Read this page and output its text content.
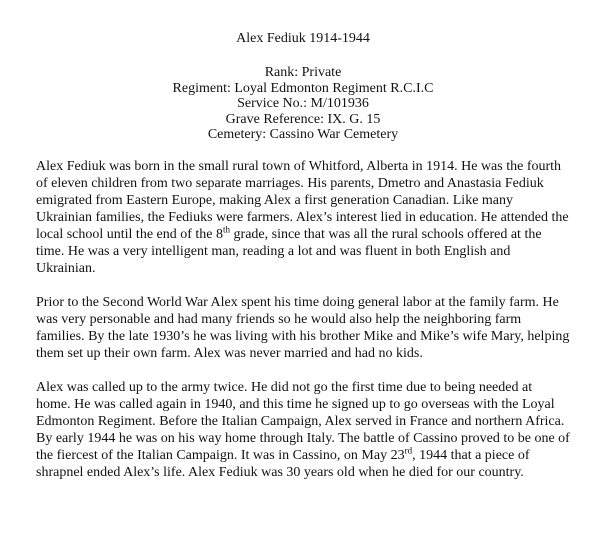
Alex Fediuk 1914-1944
Rank: Private
Regiment: Loyal Edmonton Regiment R.C.I.C
Service No.: M/101936
Grave Reference: IX. G. 15
Cemetery: Cassino War Cemetery

Alex Fediuk was born in the small rural town of Whitford, Alberta in 1914. He was the fourth of eleven children from two separate marriages. His parents, Dmetro and Anastasia Fediuk emigrated from Eastern Europe, making Alex a first generation Canadian. Like many Ukrainian families, the Fediuks were farmers. Alex’s interest lied in education. He attended the local school until the end of the 8th grade, since that was all the rural schools offered at the time. He was a very intelligent man, reading a lot and was fluent in both English and Ukrainian.

Prior to the Second World War Alex spent his time doing general labor at the family farm. He was very personable and had many friends so he would also help the neighboring farm families. By the late 1930’s he was living with his brother Mike and Mike’s wife Mary, helping them set up their own farm. Alex was never married and had no kids.

Alex was called up to the army twice. He did not go the first time due to being needed at home. He was called again in 1940, and this time he signed up to go overseas with the Loyal Edmonton Regiment. Before the Italian Campaign, Alex served in France and northern Africa. By early 1944 he was on his way home through Italy. The battle of Cassino proved to be one of the fiercest of the Italian Campaign. It was in Cassino, on May 23rd, 1944 that a piece of shrapnel ended Alex’s life. Alex Fediuk was 30 years old when he died for our country.
